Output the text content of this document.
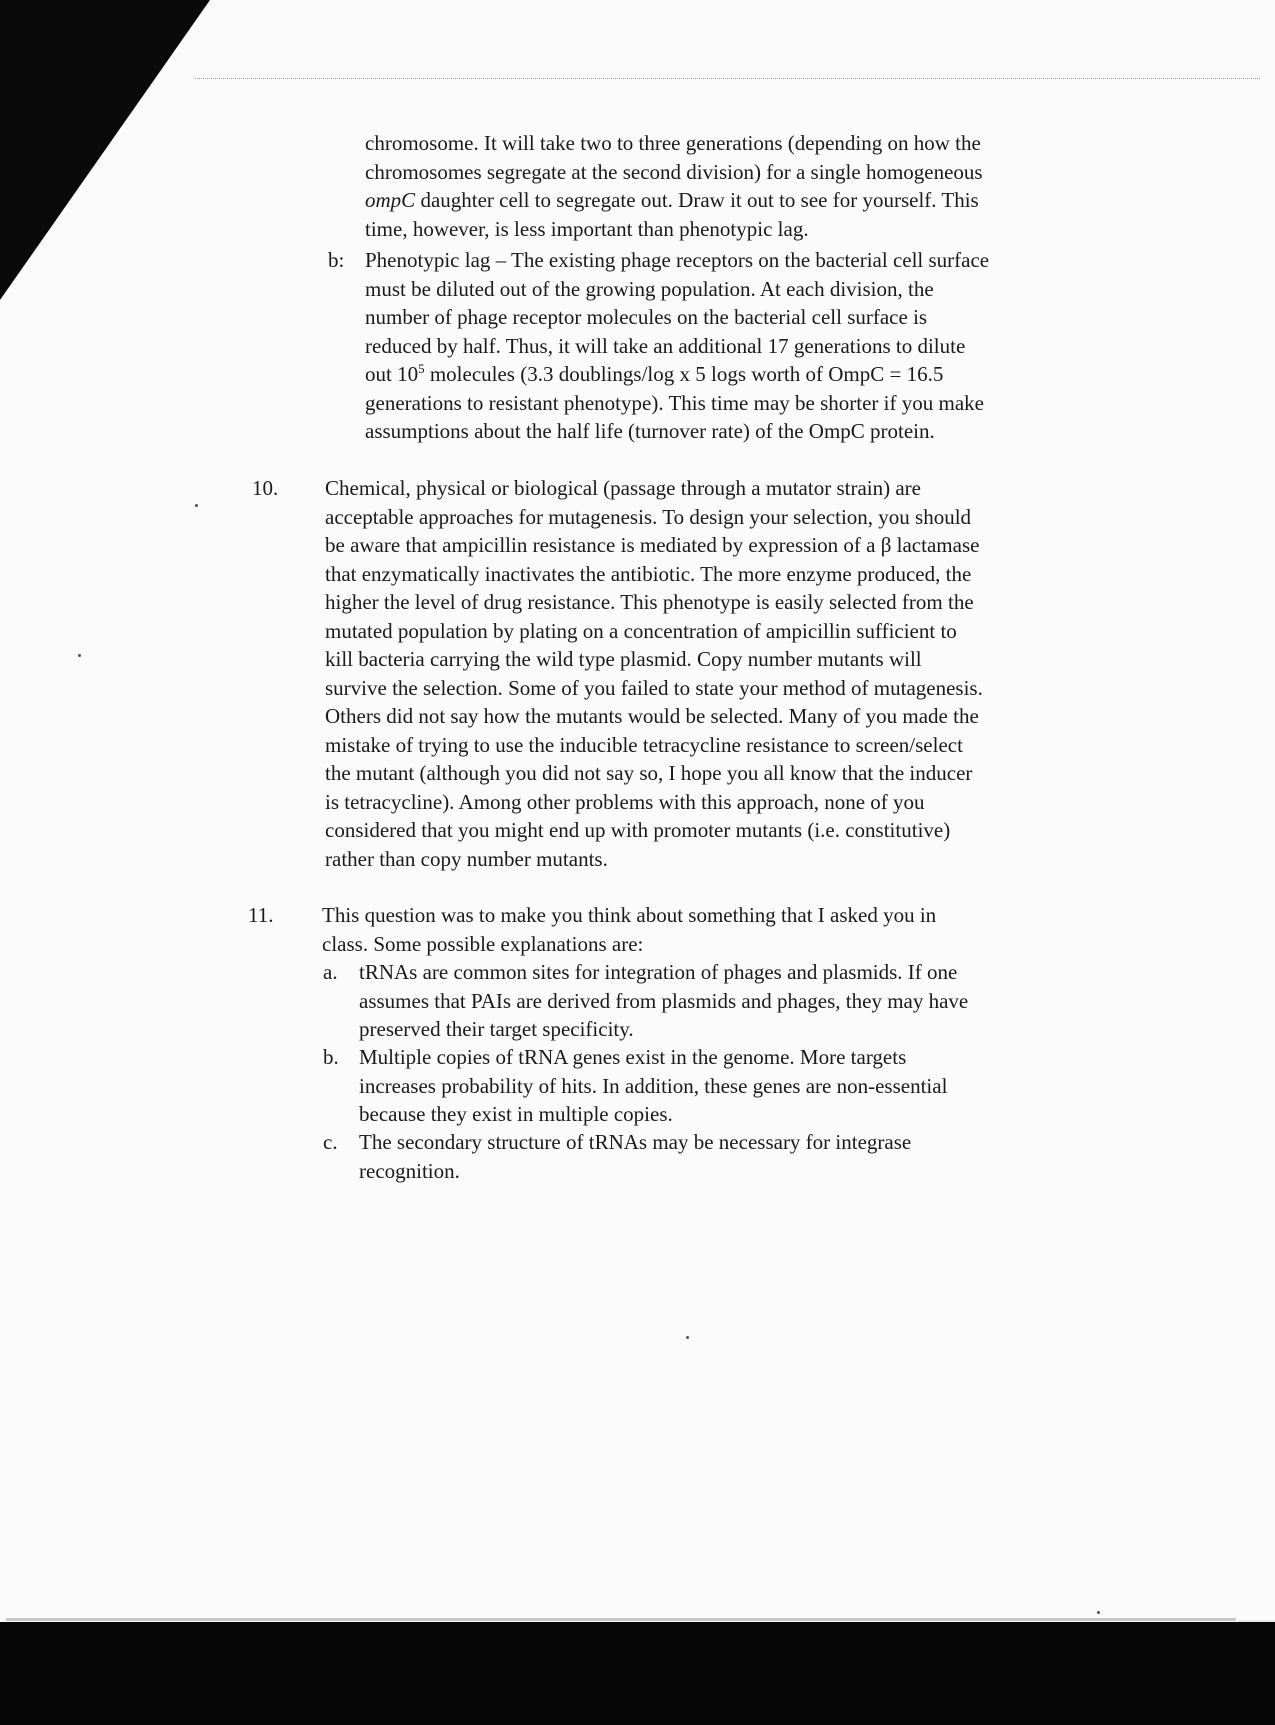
chromosome. It will take two to three generations (depending on how the
chromosomes segregate at the second division) for a single homogeneous
ompC daughter cell to segregate out. Draw it out to see for yourself. This
time, however, is less important than phenotypic lag.
b: Phenotypic lag – The existing phage receptors on the bacterial cell surface
must be diluted out of the growing population. At each division, the
number of phage receptor molecules on the bacterial cell surface is
reduced by half. Thus, it will take an additional 17 generations to dilute
out $10^5$ molecules (3.3 doublings/log x 5 logs worth of OmpC = 16.5
generations to resistant phenotype). This time may be shorter if you make
assumptions about the half life (turnover rate) of the OmpC protein.
10. Chemical, physical or biological (passage through a mutator strain) are
acceptable approaches for mutagenesis. To design your selection, you should
be aware that ampicillin resistance is mediated by expression of a β lactamase
that enzymatically inactivates the antibiotic. The more enzyme produced, the
higher the level of drug resistance. This phenotype is easily selected from the
mutated population by plating on a concentration of ampicillin sufficient to
kill bacteria carrying the wild type plasmid. Copy number mutants will
survive the selection. Some of you failed to state your method of mutagenesis.
Others did not say how the mutants would be selected. Many of you made the
mistake of trying to use the inducible tetracycline resistance to screen/select
the mutant (although you did not say so, I hope you all know that the inducer
is tetracycline). Among other problems with this approach, none of you
considered that you might end up with promoter mutants (i.e. constitutive)
rather than copy number mutants.
11. This question was to make you think about something that I asked you in
class. Some possible explanations are:
a. tRNAs are common sites for integration of phages and plasmids. If one
assumes that PAIs are derived from plasmids and phages, they may have
preserved their target specificity.
b. Multiple copies of tRNA genes exist in the genome. More targets
increases probability of hits. In addition, these genes are non-essential
because they exist in multiple copies.
c. The secondary structure of tRNAs may be necessary for integrase
recognition.
